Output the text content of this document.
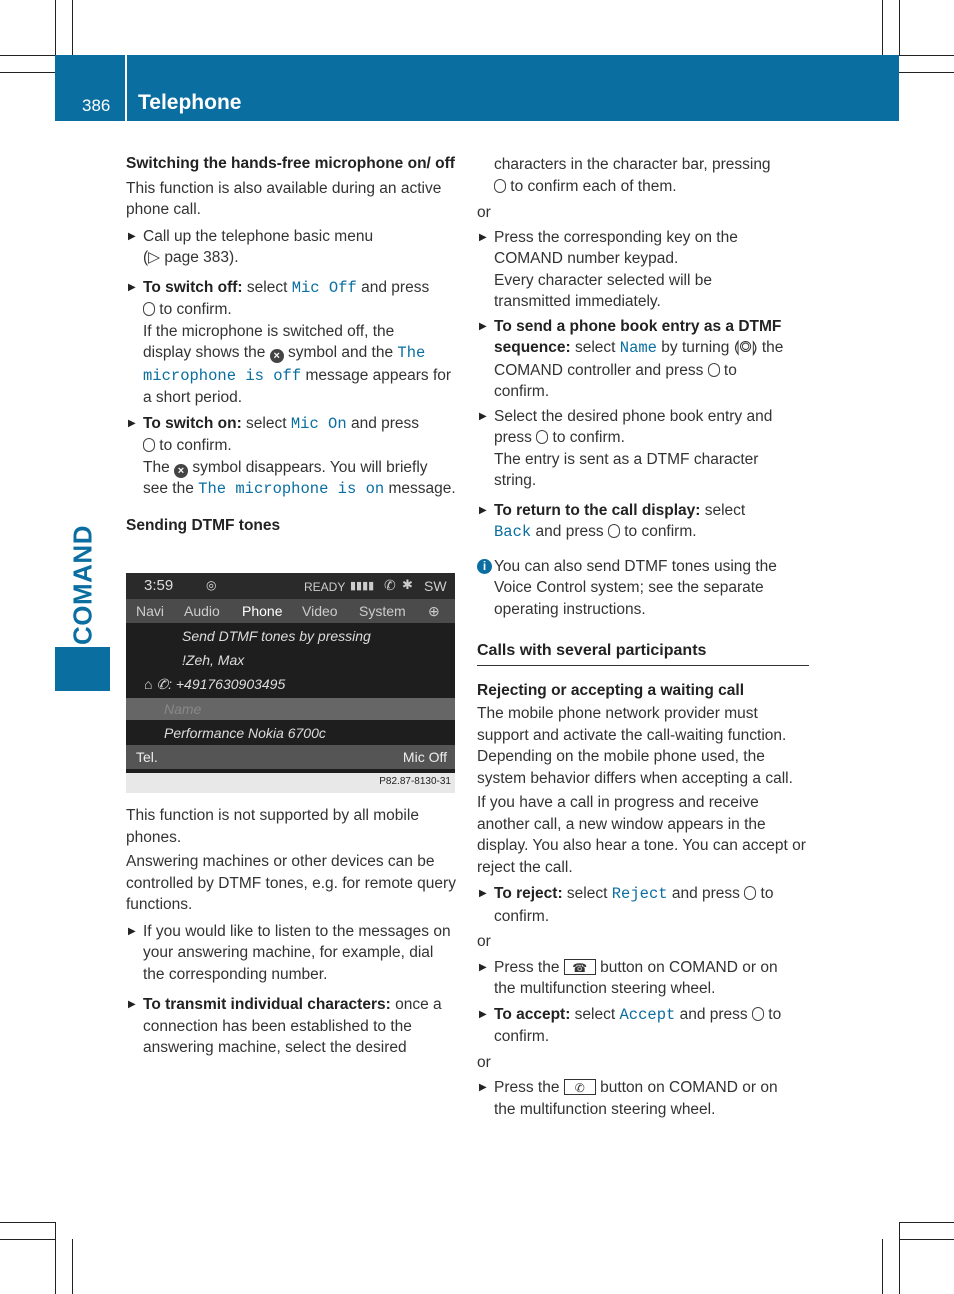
386 Telephone
COMAND

Switching the hands-free microphone on/ off

This function is also available during an active phone call.

▶ Call up the telephone basic menu
(▷ page 383).
▶ To switch off: select Mic Off and press
to confirm.
If the microphone is switched off, the
display shows the × symbol and the The
microphone is off message appears for
a short period.
▶ To switch on: select Mic On and press
to confirm.
The × symbol disappears. You will briefly
see the The microphone is on message.

Sending DTMF tones

3:59	◎	READY ▮▮▮▮ ✆ ✱ SW
Navi Audio Phone Video System ⊕
Send DTMF tones by pressing
!Zeh, Max
⌂ ✆: +4917630903495
Name
Performance Nokia 6700c
Tel.	Mic Off
P82.87-8130-31

This function is not supported by all mobile phones.

Answering machines or other devices can be controlled by DTMF tones, e.g. for remote query functions.

▶ If you would like to listen to the messages on your answering machine, for example, dial the corresponding number.
▶ To transmit individual characters: once a connection has been established to the answering machine, select the desired
characters in the character bar, pressing
to confirm each of them.

or

▶ Press the corresponding key on the
COMAND number keypad.
Every character selected will be
transmitted immediately.
▶ To send a phone book entry as a DTMF
sequence: select Name by turning ⟬◎⟭ the
COMAND controller and press  to
confirm.
▶ Select the desired phone book entry and
press  to confirm.
The entry is sent as a DTMF character
string.
▶ To return to the call display: select
Back and press  to confirm.
i You can also send DTMF tones using the Voice Control system; see the separate operating instructions.

Calls with several participants

Rejecting or accepting a waiting call

The mobile phone network provider must support and activate the call-waiting function. Depending on the mobile phone used, the system behavior differs when accepting a call.

If you have a call in progress and receive another call, a new window appears in the display. You also hear a tone. You can accept or reject the call.

▶ To reject: select Reject and press  to
confirm.

or

▶ Press the ☎ button on COMAND or on
the multifunction steering wheel.
▶ To accept: select Accept and press  to
confirm.

or

▶ Press the ✆ button on COMAND or on
the multifunction steering wheel.
